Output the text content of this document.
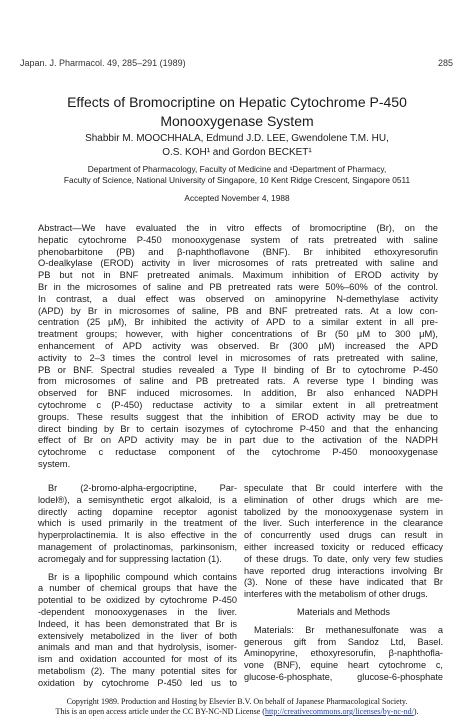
Japan. J. Pharmacol. 49, 285–291 (1989)	285
Effects of Bromocriptine on Hepatic Cytochrome P-450
Monooxygenase System
Shabbir M. MOOCHHALA, Edmund J.D. LEE, Gwendolene T.M. HU,
O.S. KOH¹ and Gordon BECKET¹
Department of Pharmacology, Faculty of Medicine and ¹Department of Pharmacy,
Faculty of Science, National University of Singapore, 10 Kent Ridge Crescent, Singapore 0511
Accepted November 4, 1988
Abstract—We have evaluated the in vitro effects of bromocriptine (Br), on the
hepatic cytochrome P-450 monooxygenase system of rats pretreated with saline
phenobarbitone (PB) and β-naphthoflavone (BNF). Br inhibited ethoxyresorufin
O-dealkylase (EROD) activity in liver microsomes of rats pretreated with saline and
PB but not in BNF pretreated animals. Maximum inhibition of EROD activity by
Br in the microsomes of saline and PB pretreated rats were 50%–60% of the control.
In contrast, a dual effect was observed on aminopyrine N-demethylase activity
(APD) by Br in microsomes of saline, PB and BNF pretreated rats. At a low con-
centration (25 μM), Br inhibited the activity of APD to a similar extent in all pre-
treatment groups; however, with higher concentrations of Br (50 μM to 300 μM),
enhancement of APD activity was observed. Br (300 μM) increased the APD
activity to 2–3 times the control level in microsomes of rats pretreated with saline,
PB or BNF. Spectral studies revealed a Type II binding of Br to cytochrome P-450
from microsomes of saline and PB pretreated rats. A reverse type I binding was
observed for BNF induced microsomes. In addition, Br also enhanced NADPH
cytochrome c (P-450) reductase activity to a similar extent in all pretreatment
groups. These results suggest that the inhibition of EROD activity may be due to
direct binding by Br to certain isozymes of cytochrome P-450 and that the enhancing
effect of Br on APD activity may be in part due to the activation of the NADPH
cytochrome c reductase component of the cytochrome P-450 monooxygenase
system.
Br (2-bromo-alpha-ergocriptine, Par-
lodel®), a semisynthetic ergot alkaloid, is a
directly acting dopamine receptor agonist
which is used primarily in the treatment of
hyperprolactinemia. It is also effective in the
management of prolactinomas, parkinsonism,
acromegaly and for suppressing lactation (1).
Br is a lipophilic compound which contains
a number of chemical groups that have the
potential to be oxidized by cytochrome P-450
-dependent monooxygenases in the liver.
Indeed, it has been demonstrated that Br is
extensively metabolized in the liver of both
animals and man and that hydrolysis, isomer-
ism and oxidation accounted for most of its
metabolism (2). The many potential sites for
oxidation by cytochrome P-450 led us to
speculate that Br could interfere with the
elimination of other drugs which are me-
tabolized by the monooxygenase system in
the liver. Such interference in the clearance
of concurrently used drugs can result in
either increased toxicity or reduced efficacy
of these drugs. To date, only very few studies
have reported drug interactions involving Br
(3). None of these have indicated that Br
interferes with the metabolism of other drugs.
Materials and Methods
Materials: Br methanesulfonate was a
generous gift from Sandoz Ltd, Basel.
Aminopyrine, ethoxyresorufin, β-naphthofla-
vone (BNF), equine heart cytochrome c,
glucose-6-phosphate, glucose-6-phosphate
Copyright 1989. Production and Hosting by Elsevier B.V. On behalf of Japanese Pharmacological Society.
This is an open access article under the CC BY-NC-ND License (http://creativecommons.org/licenses/by-nc-nd/).
